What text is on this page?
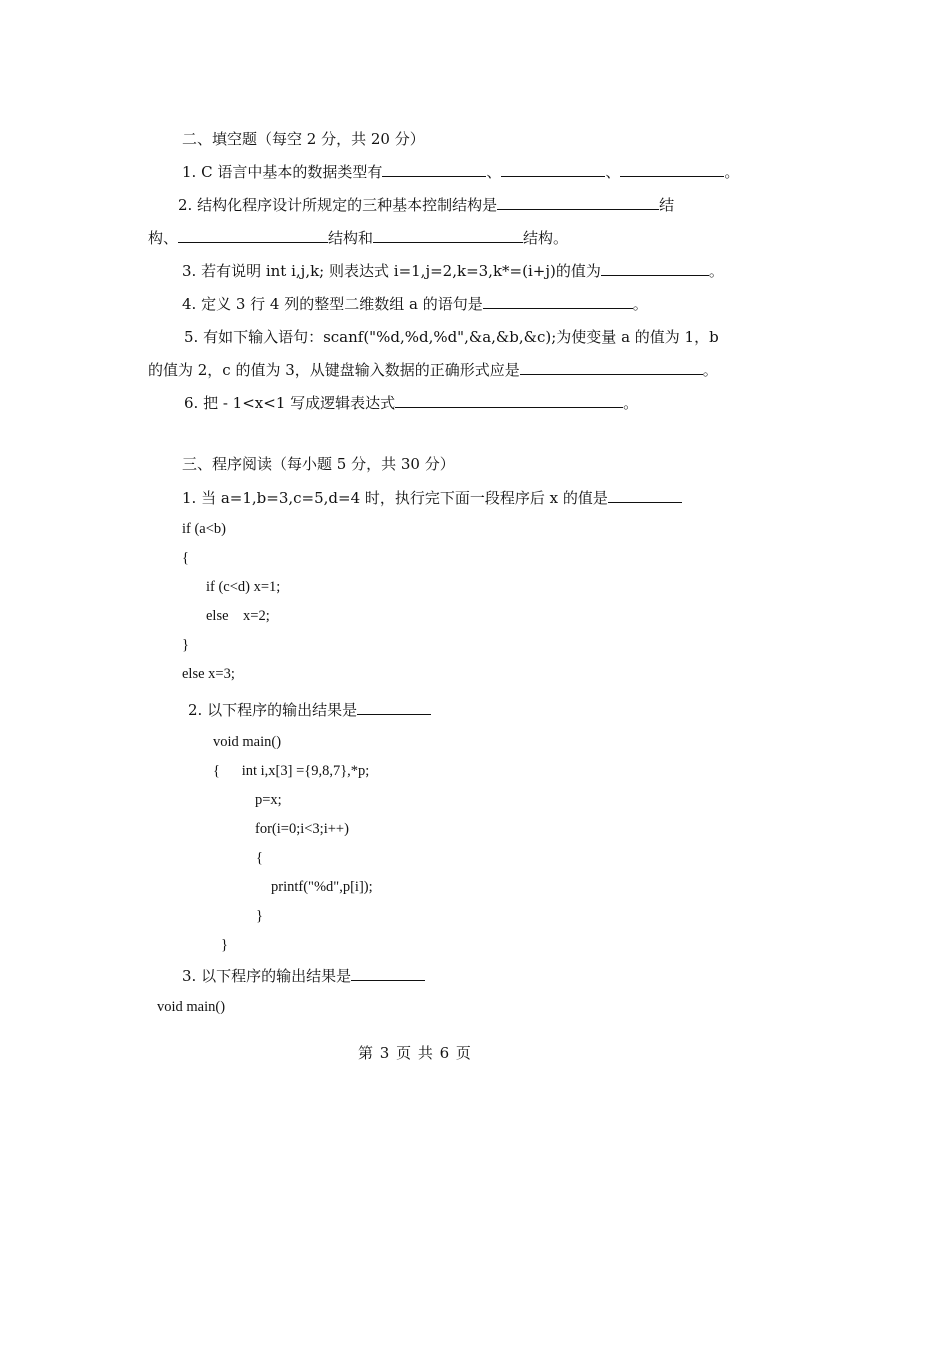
二、填空题（每空 2 分，共 20 分）
1. C 语言中基本的数据类型有	、	、	。
2. 结构化程序设计所规定的三种基本控制结构是	结
构、	结构和	结构。
3. 若有说明 int i,j,k; 则表达式 i=1,j=2,k=3,k*=(i+j)的值为	。
4. 定义 3 行 4 列的整型二维数组 a 的语句是	。
5. 有如下输入语句：scanf("%d,%d,%d",&a,&b,&c);为使变量 a 的值为 1，b
的值为 2，c 的值为 3，从键盘输入数据的正确形式应是	。
6. 把 - 1<x<1 写成逻辑表达式	。
三、程序阅读（每小题 5 分，共 30 分）
1. 当 a=1,b=3,c=5,d=4 时，执行完下面一段程序后 x 的值是
if (a<b)
{
if (c<d) x=1;
else    x=2;
}
else x=3;
2. 以下程序的输出结果是
void main()
{      int i,x[3] ={9,8,7},*p;
p=x;
for(i=0;i<3;i++)
{
printf("%d",p[i]);
}
}
3. 以下程序的输出结果是
void main()
第 3 页 共 6 页
